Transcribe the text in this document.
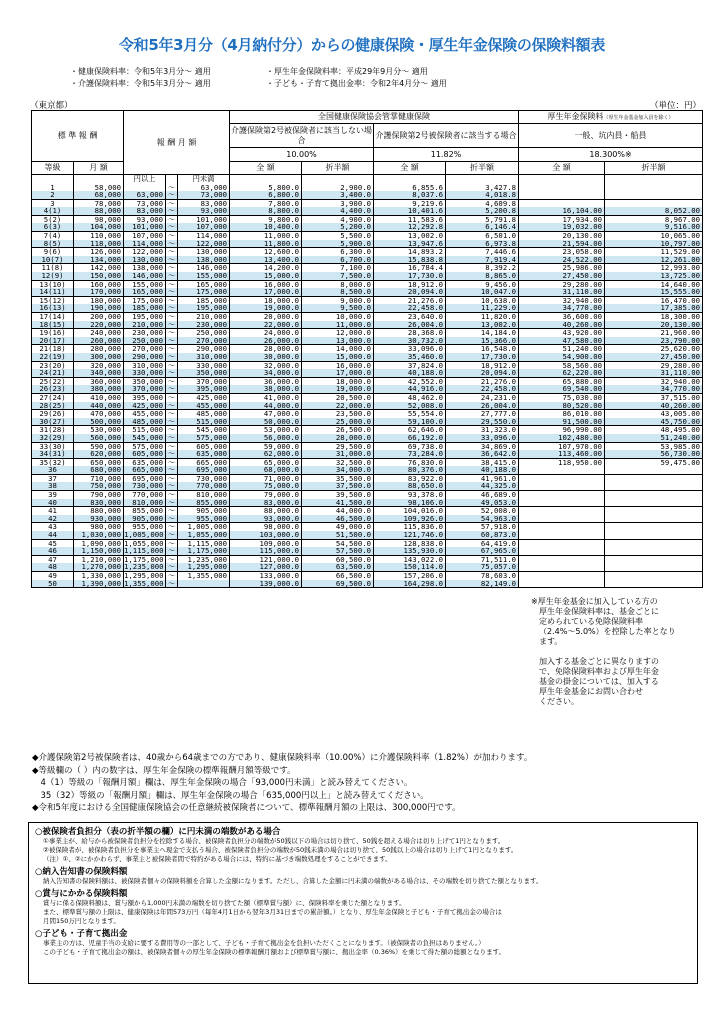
令和5年3月分（4月納付分）からの健康保険・厚生年金保険の保険料額表
・健康保険料率：令和5年3月分～ 適用	・厚生年金保険料率：平成29年9月分～ 適用
・介護保険料率：令和5年3月分～ 適用	・子ども・子育て拠出金率：令和2年4月分～ 適用
（東京都）	（単位：円）
標 準 報 酬		報 酬 月 額			全国健康保険協会管掌健康保険				厚生年金保険料（厚生年金基金加入員を除く）	
					介護保険第2号被保険者に該当しない場合		介護保険第2号被保険者に該当する場合		一般、坑内員・船員	
					10.00%		11.82%		18.300%※	
等級	月 額				全 額	折半額	全 額	折半額	全 額	折半額

		円以上		円未満						
1	58,000		～	63,000	5,800.0	2,900.0	6,855.6	3,427.8		
2	68,000	63,000	～	73,000	6,800.0	3,400.0	8,037.6	4,018.8		
3	78,000	73,000	～	83,000	7,800.0	3,900.0	9,219.6	4,609.8		
4(1)	88,000	83,000	～	93,000	8,800.0	4,400.0	10,401.6	5,200.8	16,104.00	8,052.00
5(2)	98,000	93,000	～	101,000	9,800.0	4,900.0	11,583.6	5,791.8	17,934.00	8,967.00
6(3)	104,000	101,000	～	107,000	10,400.0	5,200.0	12,292.8	6,146.4	19,032.00	9,516.00
7(4)	110,000	107,000	～	114,000	11,000.0	5,500.0	13,002.0	6,501.0	20,130.00	10,065.00
8(5)	118,000	114,000	～	122,000	11,800.0	5,900.0	13,947.6	6,973.8	21,594.00	10,797.00
9(6)	126,000	122,000	～	130,000	12,600.0	6,300.0	14,893.2	7,446.6	23,058.00	11,529.00
10(7)	134,000	130,000	～	138,000	13,400.0	6,700.0	15,838.8	7,919.4	24,522.00	12,261.00
11(8)	142,000	138,000	～	146,000	14,200.0	7,100.0	16,784.4	8,392.2	25,986.00	12,993.00
12(9)	150,000	146,000	～	155,000	15,000.0	7,500.0	17,730.0	8,865.0	27,450.00	13,725.00
13(10)	160,000	155,000	～	165,000	16,000.0	8,000.0	18,912.0	9,456.0	29,280.00	14,640.00
14(11)	170,000	165,000	～	175,000	17,000.0	8,500.0	20,094.0	10,047.0	31,110.00	15,555.00
15(12)	180,000	175,000	～	185,000	18,000.0	9,000.0	21,276.0	10,638.0	32,940.00	16,470.00
16(13)	190,000	185,000	～	195,000	19,000.0	9,500.0	22,458.0	11,229.0	34,770.00	17,385.00
17(14)	200,000	195,000	～	210,000	20,000.0	10,000.0	23,640.0	11,820.0	36,600.00	18,300.00
18(15)	220,000	210,000	～	230,000	22,000.0	11,000.0	26,004.0	13,002.0	40,260.00	20,130.00
19(16)	240,000	230,000	～	250,000	24,000.0	12,000.0	28,368.0	14,184.0	43,920.00	21,960.00
20(17)	260,000	250,000	～	270,000	26,000.0	13,000.0	30,732.0	15,366.0	47,580.00	23,790.00
21(18)	280,000	270,000	～	290,000	28,000.0	14,000.0	33,096.0	16,548.0	51,240.00	25,620.00
22(19)	300,000	290,000	～	310,000	30,000.0	15,000.0	35,460.0	17,730.0	54,900.00	27,450.00
23(20)	320,000	310,000	～	330,000	32,000.0	16,000.0	37,824.0	18,912.0	58,560.00	29,280.00
24(21)	340,000	330,000	～	350,000	34,000.0	17,000.0	40,188.0	20,094.0	62,220.00	31,110.00
25(22)	360,000	350,000	～	370,000	36,000.0	18,000.0	42,552.0	21,276.0	65,880.00	32,940.00
26(23)	380,000	370,000	～	395,000	38,000.0	19,000.0	44,916.0	22,458.0	69,540.00	34,770.00
27(24)	410,000	395,000	～	425,000	41,000.0	20,500.0	48,462.0	24,231.0	75,030.00	37,515.00
28(25)	440,000	425,000	～	455,000	44,000.0	22,000.0	52,008.0	26,004.0	80,520.00	40,260.00
29(26)	470,000	455,000	～	485,000	47,000.0	23,500.0	55,554.0	27,777.0	86,010.00	43,005.00
30(27)	500,000	485,000	～	515,000	50,000.0	25,000.0	59,100.0	29,550.0	91,500.00	45,750.00
31(28)	530,000	515,000	～	545,000	53,000.0	26,500.0	62,646.0	31,323.0	96,990.00	48,495.00
32(29)	560,000	545,000	～	575,000	56,000.0	28,000.0	66,192.0	33,096.0	102,480.00	51,240.00
33(30)	590,000	575,000	～	605,000	59,000.0	29,500.0	69,738.0	34,869.0	107,970.00	53,985.00
34(31)	620,000	605,000	～	635,000	62,000.0	31,000.0	73,284.0	36,642.0	113,460.00	56,730.00
35(32)	650,000	635,000	～	665,000	65,000.0	32,500.0	76,830.0	38,415.0	118,950.00	59,475.00
36	680,000	665,000	～	695,000	68,000.0	34,000.0	80,376.0	40,188.0		
37	710,000	695,000	～	730,000	71,000.0	35,500.0	83,922.0	41,961.0		
38	750,000	730,000	～	770,000	75,000.0	37,500.0	88,650.0	44,325.0		
39	790,000	770,000	～	810,000	79,000.0	39,500.0	93,378.0	46,689.0		
40	830,000	810,000	～	855,000	83,000.0	41,500.0	98,106.0	49,053.0		
41	880,000	855,000	～	905,000	88,000.0	44,000.0	104,016.0	52,008.0		
42	930,000	905,000	～	955,000	93,000.0	46,500.0	109,926.0	54,963.0		
43	980,000	955,000	～	1,005,000	98,000.0	49,000.0	115,836.0	57,918.0		
44	1,030,000	1,005,000	～	1,055,000	103,000.0	51,500.0	121,746.0	60,873.0		
45	1,090,000	1,055,000	～	1,115,000	109,000.0	54,500.0	128,838.0	64,419.0		
46	1,150,000	1,115,000	～	1,175,000	115,000.0	57,500.0	135,930.0	67,965.0		
47	1,210,000	1,175,000	～	1,235,000	121,000.0	60,500.0	143,022.0	71,511.0		
48	1,270,000	1,235,000	～	1,295,000	127,000.0	63,500.0	150,114.0	75,057.0		
49	1,330,000	1,295,000	～	1,355,000	133,000.0	66,500.0	157,206.0	78,603.0		
50	1,390,000	1,355,000	～		139,000.0	69,500.0	164,298.0	82,149.0		
※厚生年金基金に加入している方の
厚生年金保険料率は、基金ごとに
定められている免除保険料率
（2.4%～5.0%）を控除した率となり
ます。
加入する基金ごとに異なりますの
で、免除保険料率および厚生年金
基金の掛金については、加入する
厚生年金基金にお問い合わせ
ください。
◆介護保険第2号被保険者は、40歳から64歳までの方であり、健康保険料率（10.00%）に介護保険料率（1.82%）が加わります。
◆等級欄の（ ）内の数字は、厚生年金保険の標準報酬月額等級です。
　4（1）等級の「報酬月額」欄は、厚生年金保険の場合「93,000円未満」と読み替えてください。
　35（32）等級の「報酬月額」欄は、厚生年金保険の場合「635,000円以上」と読み替えてください。
◆令和5年度における全国健康保険協会の任意継続被保険者について、標準報酬月額の上限は、300,000円です。
○被保険者負担分（表の折半額の欄）に円未満の端数がある場合
①事業主が、給与から被保険者負担分を控除する場合、被保険者負担分の端数が50銭以下の場合は切り捨て、50銭を超える場合は切り上げて1円となります。
②被保険者が、被保険者負担分を事業主へ現金で支払う場合、被保険者負担分の端数が50銭未満の場合は切り捨て、50銭以上の場合は切り上げて1円となります。
（注）①、②にかかわらず、事業主と被保険者間で特約がある場合には、特約に基づき端数処理をすることができます。
○納入告知書の保険料額
納入告知書の保険料額は、被保険者個々の保険料額を合算した金額になります。ただし、合算した金額に円未満の端数がある場合は、その端数を切り捨てた額となります。
○賞与にかかる保険料額
賞与に係る保険料額は、賞与額から1,000円未満の端数を切り捨てた額（標準賞与額）に、保険料率を乗じた額となります。
また、標準賞与額の上限は、健康保険は年間573万円（毎年4月1日から翌年3月31日までの累計額。）となり、厚生年金保険と子ども・子育て拠出金の場合は
月間150万円となります。
○子ども・子育て拠出金
事業主の方は、児童手当の支給に要する費用等の一部として、子ども・子育て拠出金を負担いただくことになります。（被保険者の負担はありません。）
この子ども・子育て拠出金の額は、被保険者個々の厚生年金保険の標準報酬月額および標準賞与額に、拠出金率（0.36%）を乗じて得た額の総額となります。
